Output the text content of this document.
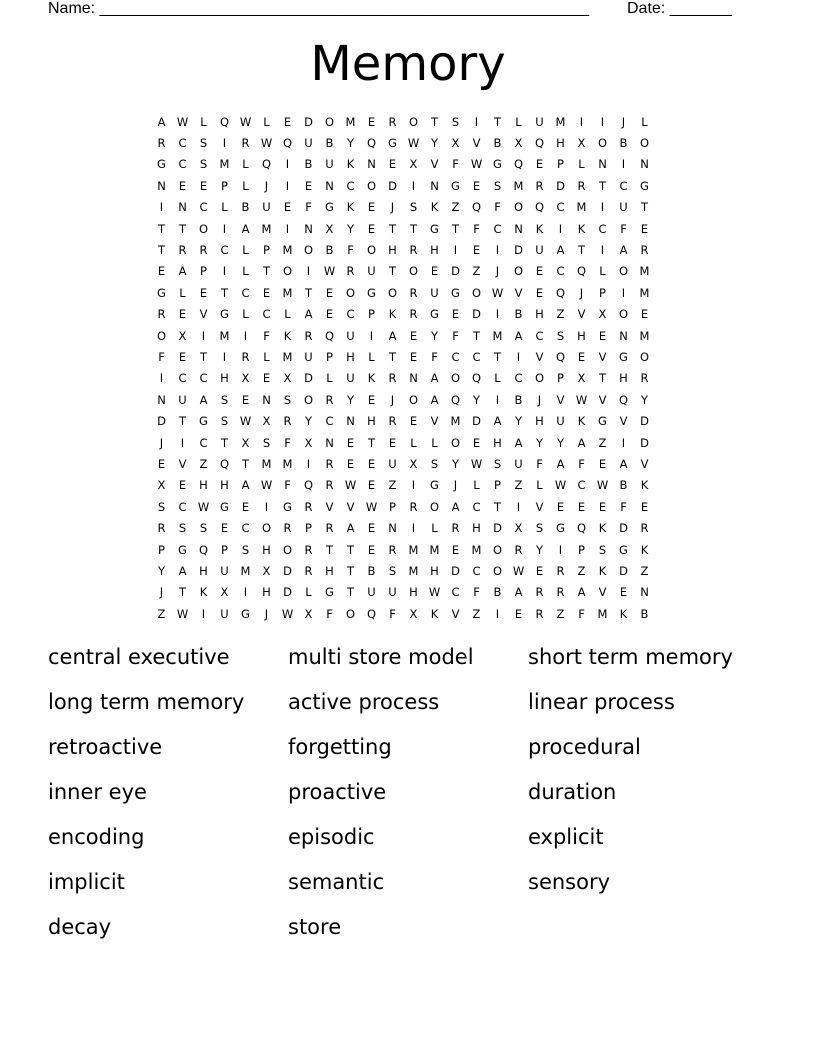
Name: _______________________________________________________ Date: _______
Memory
A W	L	Q W	L	E	D	O	M	E	R	O	T	S	I	T	L	U	M	I	I	J	L
R	C	S	I	R W Q	U	B	Y	Q	G W	Y	X	V	B	X	Q	H	X	O	B	O
G	C	S	M	L	Q	I	B	U	K	N	E	X	V	F	W G	Q	E	P	L	N	I	N
N	E	E	P	L	J	I	E	N	C	O	D	I	N	G	E	S	M	R	D	R	T	C	G
I	N	C	L	B	U	E	F	G	K	E	J	S	K	Z	Q	F	O	Q	C	M	I	U	T
T	T	O	I	A	M	I	N	X	Y	E	T	T	G	T	F	C	N	K	I	K	C	F	E
T	R	R	C	L	P	M	O	B	F	O	H	R	H	I	E	I	D	U	A	T	I	A	R
E	A	P	I	L	T	O	I	W R	U	T	O	E	D	Z	J	O	E	C	Q	L	O	M
G	L	E	T	C	E	M	T	E	O	G	O	R	U	G	O W V	E	Q	J	P	I	M
R	E	V	G	L	C	L	A	E	C	P	K	R	G	E	D	I	B	H	Z	V	X	O	E
O	X	I	M	I	F	K	R	Q	U	I	A	E	Y	F	T	M	A	C	S	H	E	N	M
F	E	T	I	R	L	M	U	P	H	L	T	E	F	C	C	T	I	V	Q	E	V	G	O
I	C	C	H	X	E	X	D	L	U	K	R	N	A	O	Q	L	C	O	P	X	T	H	R
N	U	A	S	E	N	S	O	R	Y	E	J	O	A	Q	Y	I	B	J	V W V	Q	Y
D	T	G	S	W X	R	Y	C	N	H	R	E	V	M	D	A	Y	H	U	K	G	V	D
J	I	C	T	X	S	F	X	N	E	T	E	L	L	O	E	H	A	Y	Y	A	Z	I	D
E	V	Z	Q	T	M M	I	R	E	E	U	X	S	Y	W	S	U	F	A	F	E	A	V
X	E	H	H	A W	F	Q	R W	E	Z	I	G	J	L	P	Z	L	W C W B	K
S	C W G	E	I	G	R	V	V W	P	R	O	A	C	T	I	V	E	E	E	F	E
R	S	S	E	C	O	R	P	R	A	E	N	I	L	R	H	D	X	S	G	Q	K	D	R
P	G	Q	P	S	H	O	R	T	T	E	R	M M	E	M	O	R	Y	I	P	S	G	K
Y	A	H	U	M	X	D	R	H	T	B	S	M	H	D	C	O W	E	R	Z	K	D	Z
J	T	K	X	I	H	D	L	G	T	U	U	H W C	F	B	A	R	R	A	V	E	N
Z W	I	U	G	J	W X	F	O	Q	F	X	K	V	Z	I	E	R	Z	F	M	K	B
central executive	multi store model	short term memory
long term memory	active process	linear process
retroactive	forgetting	procedural
inner eye	proactive	duration
encoding	episodic	explicit
implicit	semantic	sensory
decay	store
